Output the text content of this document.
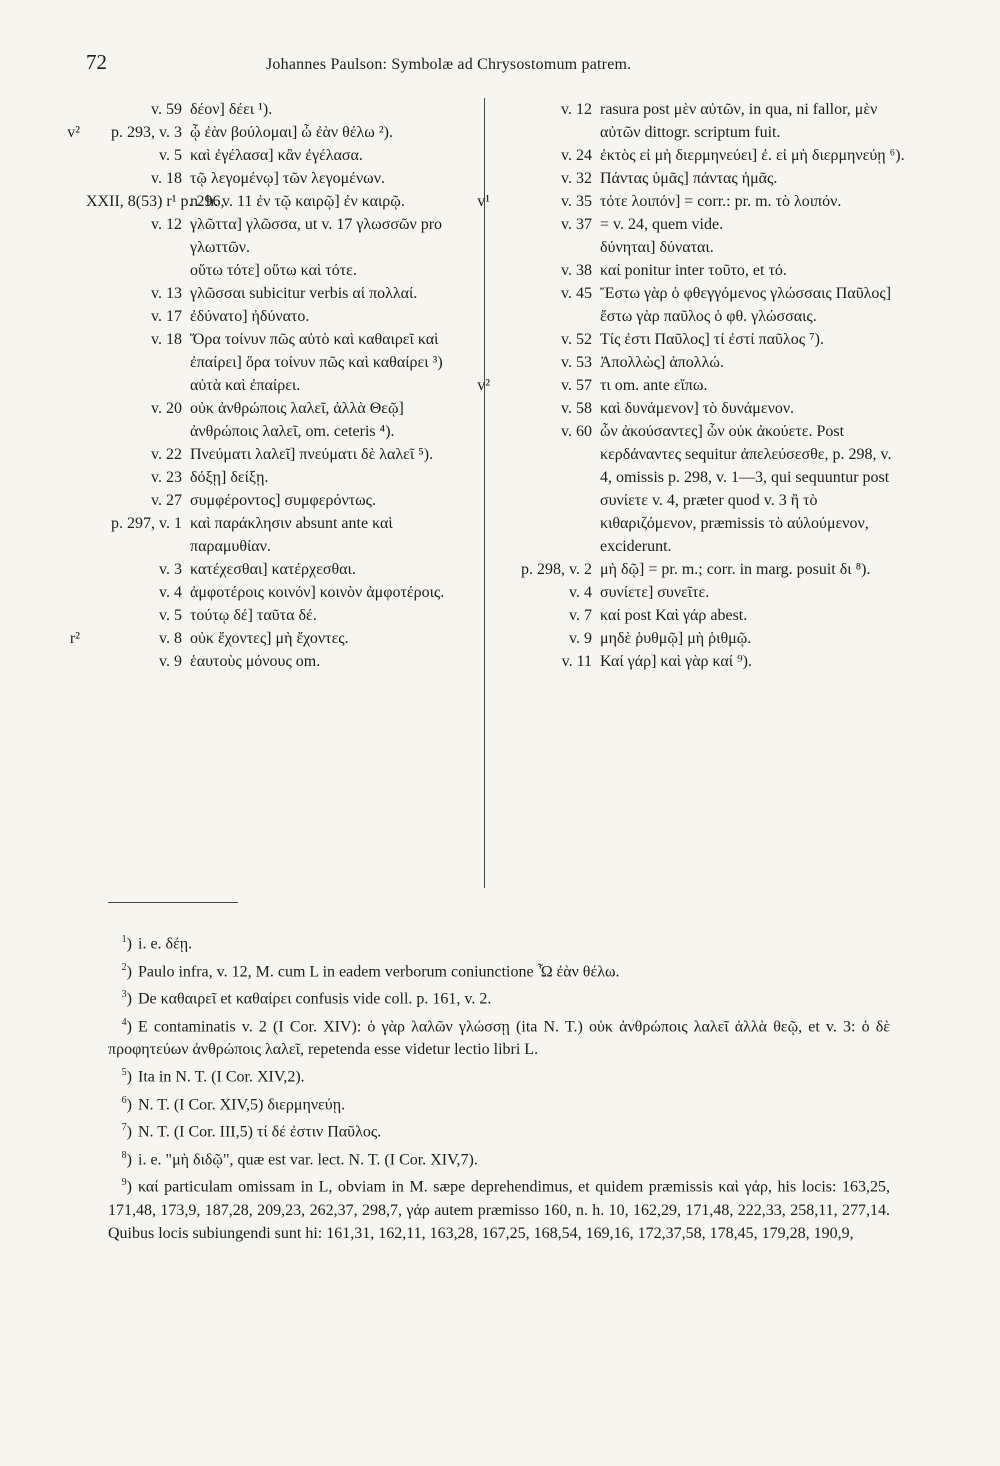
72	Johannes Paulson: Symbolæ ad Chrysostomum patrem.
v. 59 δέον] δέει ¹).
v²	p. 293, v. 3 ᾧ ἐὰν βούλομαι] ὦ ἐὰν θέλω ²).
v. 5 καὶ ἐγέλασα] κἂν ἐγέλασα.
v. 18 τῷ λεγομένῳ] τῶν λεγομένων.
XXII, 8(53) r¹ p. 296,
n. h. v. 11 ἐν τῷ καιρῷ] ἐν καιρῷ.
v. 12 γλῶττα] γλῶσσα, ut v. 17 γλωσσῶν pro γλωττῶν.
οὕτω τότε] οὕτω καὶ τότε.
v. 13 γλῶσσαι subicitur verbis αἱ πολλαί.
v. 17 ἐδύνατο] ἠδύνατο.
v. 18 Ὅρα τοίνυν πῶς αὐτὸ καὶ καθαιρεῖ καὶ ἐπαίρει] ὅρα τοίνυν πῶς καὶ καθαίρει ³) αὐτὰ καὶ ἐπαίρει.
v. 20 οὐκ ἀνθρώποις λαλεῖ, ἀλλὰ Θεῷ] ἀνθρώποις λαλεῖ, om. ceteris ⁴).
v. 22 Πνεύματι λαλεῖ] πνεύματι δὲ λαλεῖ ⁵).
v. 23 δόξῃ] δείξῃ.
v. 27 συμφέροντος] συμφερόντως.
p. 297, v. 1 καὶ παράκλησιν absunt ante καὶ παραμυθίαν.
v. 3 κατέχεσθαι] κατέρχεσθαι.
v. 4 ἀμφοτέροις κοινόν] κοινὸν ἀμφοτέροις.
v. 5 τούτῳ δέ] ταῦτα δέ.
r²	v. 8 οὐκ ἔχοντες] μὴ ἔχοντες.
v. 9 ἑαυτοὺς μόνους om.
v. 12 rasura post μὲν αὐτῶν, in qua, ni fallor, μὲν αὐτῶν dittogr. scriptum fuit.
v. 24 ἐκτὸς εἰ μὴ διερμηνεύει] ἐ. εἰ μὴ διερμηνεύῃ ⁶).
v. 32 Πάντας ὑμᾶς] πάντας ἡμᾶς.
v¹	v. 35 τότε λοιπόν] = corr.: pr. m. τὸ λοιπόν.
v. 37 = v. 24, quem vide.
δύνηται] δύναται.
v. 38 καί ponitur inter τοῦτο, et τό.
v. 45 Ἔστω γὰρ ὁ φθεγγόμενος γλώσσαις Παῦλος] ἔστω γὰρ παῦλος ὁ φθ. γλώσσαις.
v. 52 Τίς ἐστι Παῦλος] τί ἐστί παῦλος ⁷).
v. 53 Ἀπολλὼς] ἀπολλώ.
v²	v. 57 τι om. ante εἴπω.
v. 58 καὶ δυνάμενον] τὸ δυνάμενον.
v. 60 ὧν ἀκούσαντες] ὧν οὐκ ἀκούετε. Post κερδάναντες sequitur ἀπελεύσεσθε, p. 298, v. 4, omissis p. 298, v. 1—3, qui sequuntur post συνίετε v. 4, præter quod v. 3 ἢ τὸ κιθαριζόμενον, præmissis τὸ αὐλούμενον, exciderunt.
p. 298, v. 2 μὴ δῷ] = pr. m.; corr. in marg. posuit δι ⁸).
v. 4 συνίετε] συνεῖτε.
v. 7 καί post Καὶ γάρ abest.
v. 9 μηδὲ ῥυθμῷ] μὴ ῥιθμῷ.
v. 11 Καί γάρ] καὶ γὰρ καί ⁹).

$^1$) i. e. δέῃ.

$^2$) Paulo infra, v. 12, M. cum L in eadem verborum coniunctione Ὦ ἐὰν θέλω.

$^3$) De καθαιρεῖ et καθαίρει confusis vide coll. p. 161, v. 2.

$^4$) E contaminatis v. 2 (I Cor. XIV): ὁ γὰρ λαλῶν γλώσσῃ (ita N. T.) οὐκ ἀνθρώποις λαλεῖ ἀλλὰ θεῷ, et v. 3: ὁ δὲ προφητεύων ἀνθρώποις λαλεῖ, repetenda esse videtur lectio libri L.

$^5$) Ita in N. T. (I Cor. XIV,2).

$^6$) N. T. (I Cor. XIV,5) διερμηνεύῃ.

$^7$) N. T. (I Cor. III,5) τί δέ ἐστιν Παῦλος.

$^8$) i. e. "μὴ διδῷ", quæ est var. lect. N. T. (I Cor. XIV,7).

$^9$) καί particulam omissam in L, obviam in M. sæpe deprehendimus, et quidem præmissis καὶ γάρ, his locis: 163,25, 171,48, 173,9, 187,28, 209,23, 262,37, 298,7, γάρ autem præmisso 160, n. h. 10, 162,29, 171,48, 222,33, 258,11, 277,14. Quibus locis subiungendi sunt hi: 161,31, 162,11, 163,28, 167,25, 168,54, 169,16, 172,37,58, 178,45, 179,28, 190,9,
